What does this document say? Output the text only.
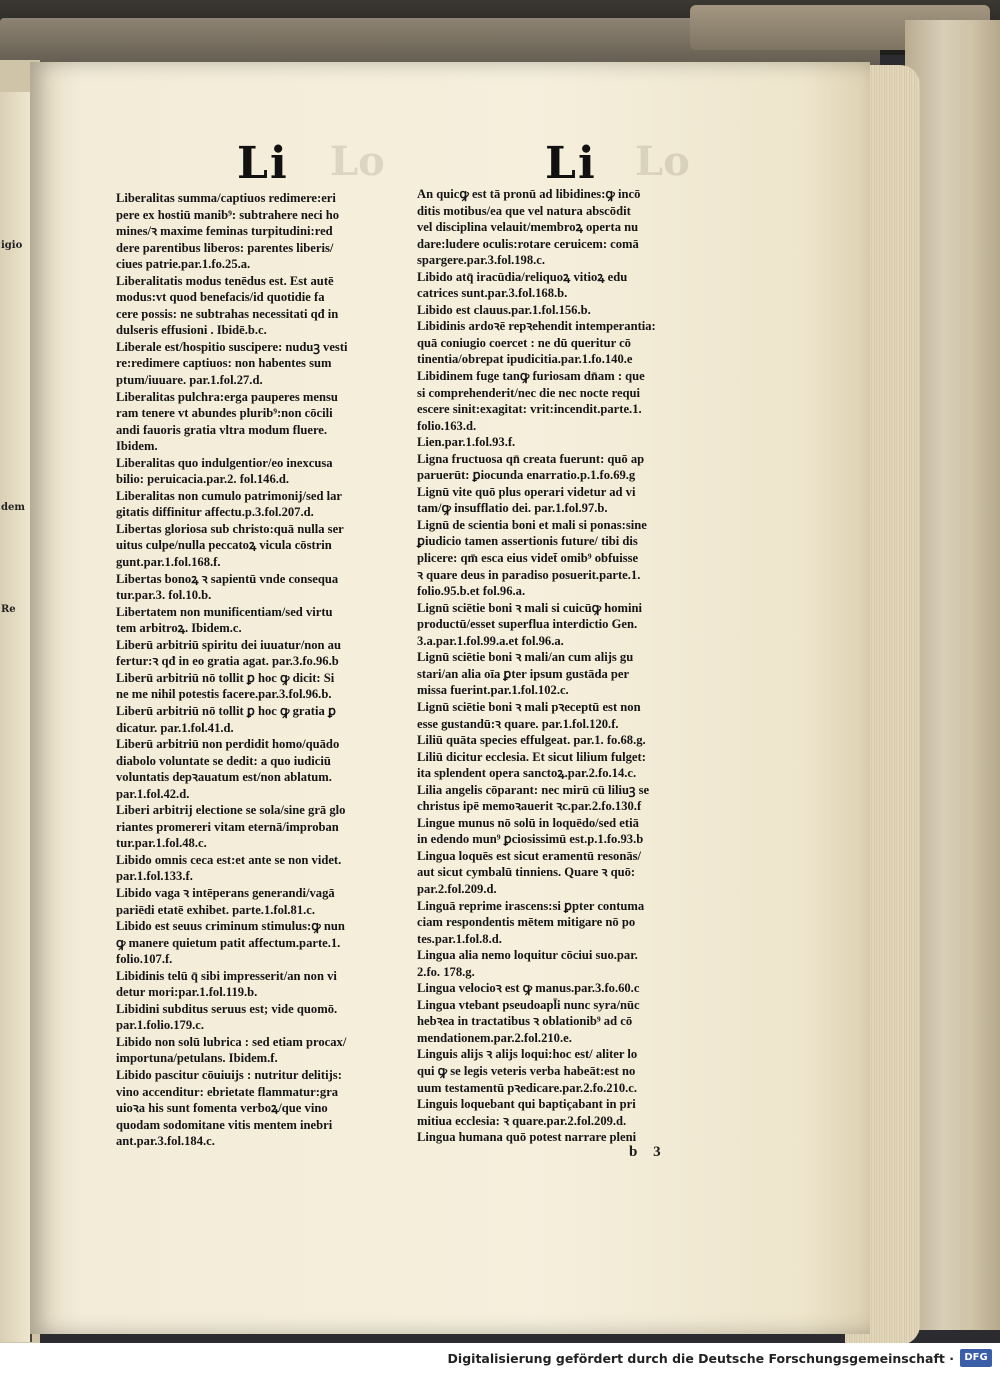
igio
dem
Re
Lo	Lo
Li	Li
Liberalitas summa/captiuos redimere:eri
pere ex hostiū manib⁹: subtrahere neci ho
mines/ꝛ maxime feminas turpitudini:red
dere parentibus liberos: parentes liberis/
ciues patrie.par.1.fo.25.a.
Liberalitatis modus tenēdus est. Est autē
modus:vt quod benefacis/id quotidie fa
cere possis: ne subtrahas necessitati qđ in
dulseris effusioni . Ibidē.b.c.
Liberale est/hospitio suscipere: nuduꝫ vesti
re:redimere captiuos: non habentes sum
ptum/iuuare. par.1.fol.27.d.
Liberalitas pulchra:erga pauperes mensu
ram tenere vt abundes plurib⁹:non cōcili
andi fauoris gratia vltra modum fluere.
Ibidem.
Liberalitas quo indulgentior/eo inexcusa
bilio: peruicacia.par.2. fol.146.d.
Liberalitas non cumulo patrimonij/sed lar
gitatis diffinitur affectu.p.3.fol.207.d.
Libertas gloriosa sub christo:quā nulla ser
uitus culpe/nulla peccatoꝝ vicula cōstrin
gunt.par.1.fol.168.f.
Libertas bonoꝝ ꝛ sapientū vnde consequa
tur.par.3. fol.10.b.
Libertatem non munificentiam/sed virtu
tem arbitroꝝ. Ibidem.c.
Liberū arbitriū spiritu dei iuuatur/non au
fertur:ꝛ qđ in eo gratia agat. par.3.fo.96.b
Liberū arbitriū nō tollit ꝑ hoc ꝙ dicit: Si
ne me nihil potestis facere.par.3.fol.96.b.
Liberū arbitriū nō tollit ꝑ hoc ꝙ gratia ꝑ
dicatur. par.1.fol.41.d.
Liberū arbitriū non perdidit homo/quādo
diabolo voluntate se dedit: a quo iudiciū
voluntatis depꝛauatum est/non ablatum.
par.1.fol.42.d.
Liberi arbitrij electione se sola/sine grā glo
riantes promereri vitam eternā/improban
tur.par.1.fol.48.c.
Libido omnis ceca est:et ante se non videt.
par.1.fol.133.f.
Libido vaga ꝛ intēperans generandi/vagā
pariēdi etatē exhibet. parte.1.fol.81.c.
Libido est seuus criminum stimulus:ꝙ nun
ꝙ manere quietum patit affectum.parte.1.
folio.107.f.
Libidinis telū q̄ sibi impresserit/an non vi
detur mori:par.1.fol.119.b.
Libidini subditus seruus est; vide quomō.
par.1.folio.179.c.
Libido non solū lubrica : sed etiam procax/
importuna/petulans. Ibidem.f.
Libido pascitur cōuiuijs : nutritur delitijs:
vino accenditur: ebrietate flammatur:gra
uioꝛa his sunt fomenta verboꝝ/que vino
quodam sodomitane vitis mentem inebri
ant.par.3.fol.184.c.
An quicꝙ est tā pronū ad libidines:ꝙ incō
ditis motibus/ea que vel natura abscōdit
vel disciplina velauit/membroꝝ operta nu
dare:ludere oculis:rotare ceruicem: comā
spargere.par.3.fol.198.c.
Libido atq̄ iracūdia/reliquoꝝ vitioꝝ edu
catrices sunt.par.3.fol.168.b.
Libido est clauus.par.1.fol.156.b.
Libidinis ardoꝛē repꝛehendit intemperantia:
quā coniugio coercet : ne dū queritur cō
tinentia/obrepat ipudicitia.par.1.fo.140.e
Libidinem fuge tanꝙ furiosam dn̄am : que
si comprehenderit/nec die nec nocte requi
escere sinit:exagitat: vrit:incendit.parte.1.
folio.163.d.
Lien.par.1.fol.93.f.
Ligna fructuosa qn̄ creata fuerunt: quō ap
paruerūt: ꝑiocunda enarratio.p.1.fo.69.g
Lignū vite quō plus operari videtur ad vi
tam/ꝙ insufflatio dei. par.1.fol.97.b.
Lignū de scientia boni et mali si ponas:sine
ꝑiudicio tamen assertionis future/ tibi dis
plicere: qm̄ esca eius videt̄ omib⁹ obfuisse
ꝛ quare deus in paradiso posuerit.parte.1.
folio.95.b.et fol.96.a.
Lignū sciētie boni ꝛ mali si cuicūꝙ homini
productū/esset superflua interdictio Gen.
3.a.par.1.fol.99.a.et fol.96.a.
Lignū sciētie boni ꝛ mali/an cum alijs gu
stari/an alia oīa ꝑter ipsum gustāda per
missa fuerint.par.1.fol.102.c.
Lignū sciētie boni ꝛ mali pꝛeceptū est non
esse gustandū:ꝛ quare. par.1.fol.120.f.
Liliū quāta species effulgeat. par.1. fo.68.g.
Liliū dicitur ecclesia. Et sicut lilium fulget:
ita splendent opera sanctoꝝ.par.2.fo.14.c.
Lilia angelis cōparant: nec mirū cū liliuꝫ se
christus ipē memoꝛauerit ꝛc.par.2.fo.130.f
Lingue munus nō solū in loquēdo/sed etiā
in edendo mun⁹ ꝑciosissimū est.p.1.fo.93.b
Lingua loquēs est sicut eramentū resonās/
aut sicut cymbalū tinniens. Quare ꝛ quō:
par.2.fol.209.d.
Linguā reprime irascens:si ꝑpter contuma
ciam respondentis mētem mitigare nō po
tes.par.1.fol.8.d.
Lingua alia nemo loquitur cōciui suo.par.
2.fo. 178.g.
Lingua velocioꝛ est ꝙ manus.par.3.fo.60.c
Lingua vtebant pseudoapl̄i nunc syra/nūc
hebꝛea in tractatibus ꝛ oblationib⁹ ad cō
mendationem.par.2.fol.210.e.
Linguis alijs ꝛ alijs loqui:hoc est/ aliter lo
qui ꝙ se legis veteris verba habeāt:est no
uum testamentū pꝛedicare.par.2.fo.210.c.
Linguis loquebant qui baptiçabant in pri
mitiua ecclesia: ꝛ quare.par.2.fol.209.d.
Lingua humana quō potest narrare pleni
b 3
Digitalisierung gefördert durch die Deutsche Forschungsgemeinschaft ·	DFG
